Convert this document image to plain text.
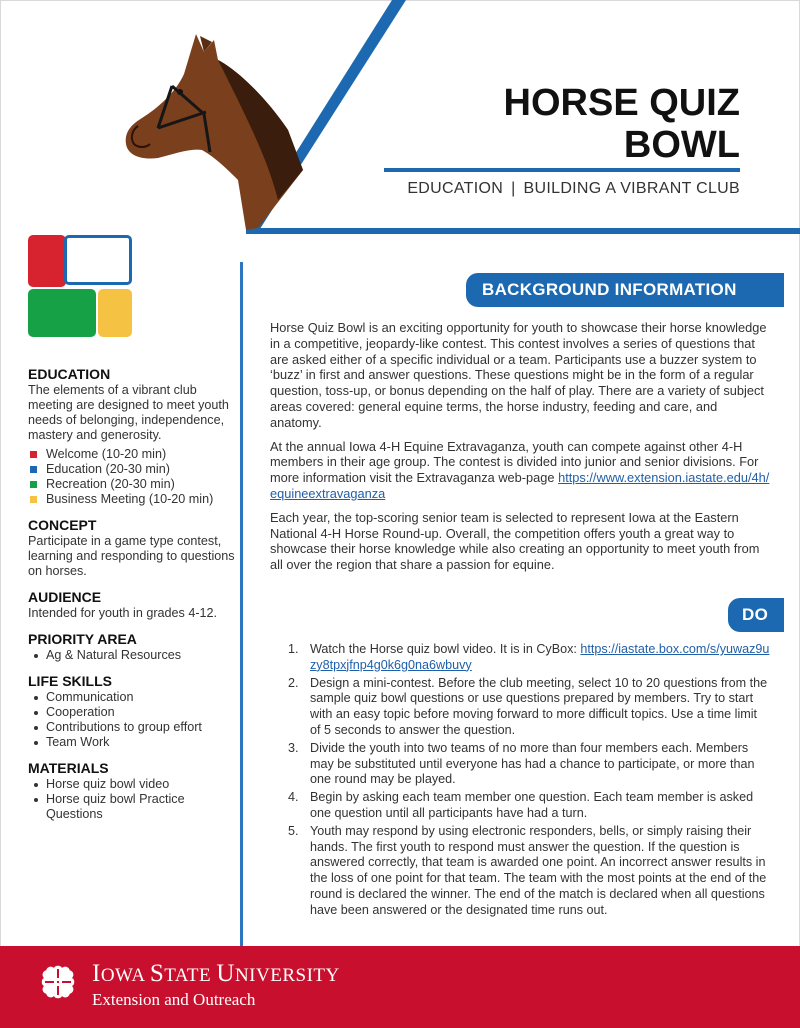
HORSE QUIZ
BOWL
EDUCATION | BUILDING A VIBRANT CLUB
EDUCATION

The elements of a vibrant club meeting are designed to meet youth needs of belonging, independence, mastery and generosity.

Welcome (10-20 min)
Education (20-30 min)
Recreation (20-30 min)
Business Meeting (10-20 min)
CONCEPT

Participate in a game type contest, learning and responding to questions on horses.

AUDIENCE

Intended for youth in grades 4-12.

PRIORITY AREA
Ag & Natural Resources
LIFE SKILLS
Communication
Cooperation
Contributions to group effort
Team Work
MATERIALS
Horse quiz bowl video
Horse quiz bowl Practice Questions
BACKGROUND INFORMATION

Horse Quiz Bowl is an exciting opportunity for youth to showcase their horse knowledge in a competitive, jeopardy-like contest. This contest involves a series of questions that are asked either of a specific individual or a team. Participants use a buzzer system to ‘buzz’ in first and answer questions. These questions might be in the form of a regular question, toss-up, or bonus depending on the half of play. There are a variety of subject areas covered: general equine terms, the horse industry, feeding and care, and anatomy.

At the annual Iowa 4-H Equine Extravaganza, youth can compete against other 4-H members in their age group. The contest is divided into junior and senior divisions. For more information visit the Extravaganza web-page https://www.extension.iastate.edu/4h/equineextravaganza

Each year, the top-scoring senior team is selected to represent Iowa at the Eastern National 4-H Horse Round-up. Overall, the competition offers youth a great way to showcase their horse knowledge while also creating an opportunity to meet youth from all over the region that share a passion for equine.

DO
1. Watch the Horse quiz bowl video. It is in CyBox: https://iastate.box.com/s/yuwaz9uzy8tpxjfnp4g0k6g0na6wbuvy
2. Design a mini-contest. Before the club meeting, select 10 to 20 questions from the sample quiz bowl questions or use questions prepared by members. Try to start with an easy topic before moving forward to more difficult topics. Use a time limit of 5 seconds to answer the question.
3. Divide the youth into two teams of no more than four members each. Members may be substituted until everyone has had a chance to participate, or more than one round may be played.
4. Begin by asking each team member one question. Each team member is asked one question until all participants have had a turn.
5. Youth may respond by using electronic responders, bells, or simply raising their hands. The first youth to respond must answer the question. If the question is answered correctly, that team is awarded one point. An incorrect answer results in the loss of one point for that team. The team with the most points at the end of the round is declared the winner. The end of the match is declared when all questions have been answered or the designated time runs out.
IOWA STATE UNIVERSITY
Extension and Outreach
